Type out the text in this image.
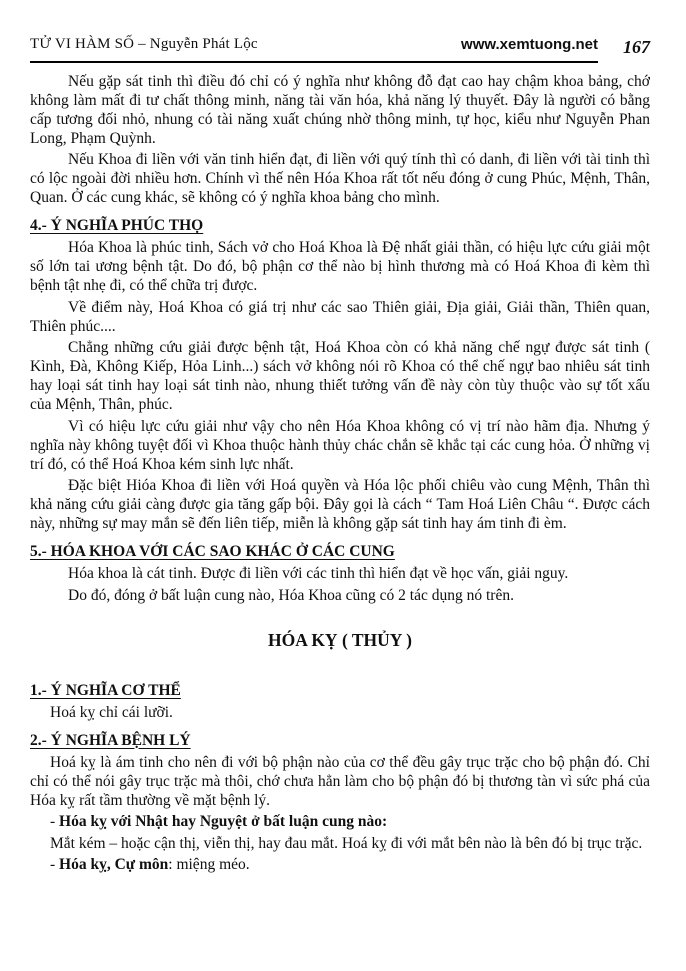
TỬ VI HÀM SỐ – Nguyễn Phát Lộc	www.xemtuong.net	167

Nếu gặp sát tinh thì điều đó chỉ có ý nghĩa như không đỗ đạt cao hay chậm khoa bảng, chớ không làm mất đi tư chất thông minh, năng tài văn hóa, khả năng lý thuyết. Đây là người có bằng cấp tương đối nhỏ, nhung có tài năng xuất chúng nhờ thông minh, tự học, kiểu như Nguyễn Phan Long, Phạm Quỳnh.

Nếu Khoa đi liền với văn tinh hiển đạt, đi liền với quý tính thì có danh, đi liền với tài tinh thì có lộc ngoài đời nhiều hơn. Chính vì thế nên Hóa Khoa rất tốt nếu đóng ở cung Phúc, Mệnh, Thân, Quan. Ở các cung khác, sẽ không có ý nghĩa khoa bảng cho mình.

4.- Ý NGHĨA PHÚC THỌ

Hóa Khoa là phúc tinh, Sách vở cho Hoá Khoa là Đệ nhất giải thần, có hiệu lực cứu giải một số lớn tai ương bệnh tật. Do đó, bộ phận cơ thể nào bị hình thương mà có Hoá Khoa đi kèm thì bệnh tật nhẹ đi, có thể chữa trị được.

Về điểm này, Hoá Khoa có giá trị như các sao Thiên giải, Địa giải, Giải thần, Thiên quan, Thiên phúc....

Chẳng những cứu giải được bệnh tật, Hoá Khoa còn có khả năng chế ngự được sát tinh ( Kình, Đà, Không Kiếp, Hỏa Linh...) sách vở không nói rõ Khoa có thể chế ngự bao nhiêu sát tinh hay loại sát tinh hay loại sát tinh nào, nhung thiết tưởng vấn đề này còn tùy thuộc vào sự tốt xấu của Mệnh, Thân, phúc.

Vì có hiệu lực cứu giải như vậy cho nên Hóa Khoa không có vị trí nào hãm địa. Nhưng ý nghĩa này không tuyệt đối vì Khoa thuộc hành thủy chác chắn sẽ khắc tại các cung hỏa. Ở những vị trí đó, có thể Hoá Khoa kém sinh lực nhất.

Đặc biệt Hióa Khoa đi liền với Hoá quyền và Hóa lộc phối chiêu vào cung Mệnh, Thân thì khả năng cứu giải càng được gia tăng gấp bội. Đây gọi là cách “ Tam Hoá Liên Châu “. Được cách này, những sự may mắn sẽ đến liên tiếp, miễn là không gặp sát tinh hay ám tinh đi èm.

5.- HÓA KHOA VỚI CÁC SAO KHÁC Ở CÁC CUNG

Hóa khoa là cát tinh. Được đi liền với các tinh thì hiển đạt về học vấn, giải nguy.

Do đó, đóng ở bất luận cung nào, Hóa Khoa cũng có 2 tác dụng nó trên.

HÓA KỴ ( THỦY )

1.- Ý NGHĨA CƠ THỂ

Hoá kỵ chỉ cái lưỡi.

2.- Ý NGHĨA BỆNH LÝ

Hoá kỵ là ám tinh cho nên đi với bộ phận nào của cơ thể đều gây trục trặc cho bộ phận đó. Chỉ chỉ có thể nói gây trục trặc mà thôi, chớ chưa hẳn làm cho bộ phận đó bị thương tàn vì sức phá của Hóa kỵ rất tầm thường về mặt bệnh lý.

- Hóa kỵ với Nhật hay Nguyệt ở bất luận cung nào:

Mắt kém – hoặc cận thị, viễn thị, hay đau mắt. Hoá kỵ đi với mắt bên nào là bên đó bị trục trặc.

- Hóa kỵ, Cự môn: miệng méo.
